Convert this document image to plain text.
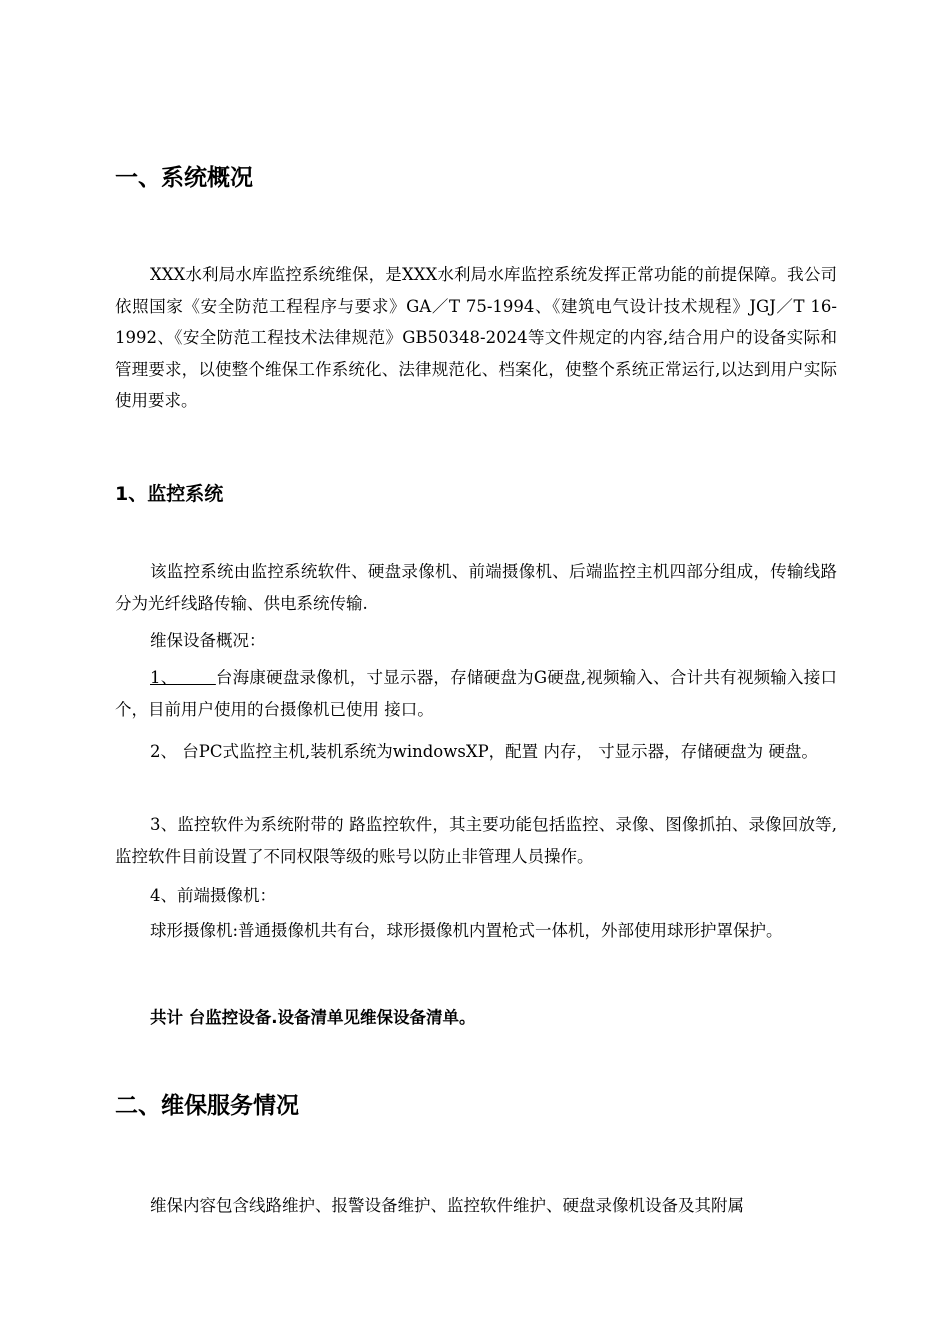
一、系统概况
XXX水利局水库监控系统维保，是XXX水利局水库监控系统发挥正常功能的前提保障。我公司依照国家《安全防范工程程序与要求》GA／T 75-1994、《建筑电气设计技术规程》JGJ／T 16-1992、《安全防范工程技术法律规范》GB50348-2024等文件规定的内容,结合用户的设备实际和管理要求，以使整个维保工作系统化、法律规范化、档案化，使整个系统正常运行,以达到用户实际使用要求。
1、监控系统
该监控系统由监控系统软件、硬盘录像机、前端摄像机、后端监控主机四部分组成，传输线路分为光纤线路传输、供电系统传输.
维保设备概况：
1、 台海康硬盘录像机，寸显示器，存储硬盘为G硬盘,视频输入、合计共有视频输入接口个，目前用户使用的台摄像机已使用 接口。
2、 台PC式监控主机,装机系统为windowsXP，配置 内存， 寸显示器，存储硬盘为 硬盘。
3、监控软件为系统附带的 路监控软件，其主要功能包括监控、录像、图像抓拍、录像回放等,监控软件目前设置了不同权限等级的账号以防止非管理人员操作。
4、前端摄像机：
球形摄像机:普通摄像机共有台，球形摄像机内置枪式一体机，外部使用球形护罩保护。
共计 台监控设备.设备清单见维保设备清单。
二、维保服务情况
维保内容包含线路维护、报警设备维护、监控软件维护、硬盘录像机设备及其附属
